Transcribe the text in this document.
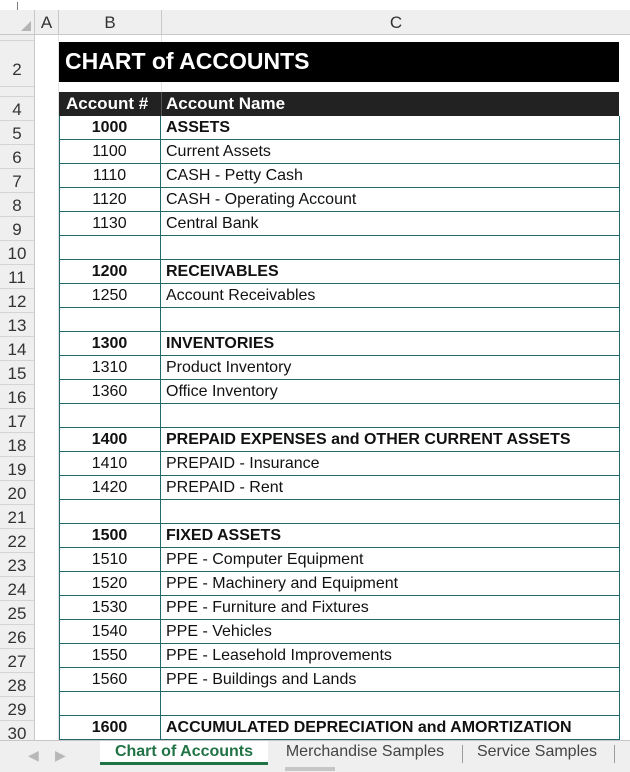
A	B	C
2
4
5
6
7
8
9
10
11
12
13
14
15
16
17
18
19
20
21
22
23
24
25
26
27
28
29
30
CHART of ACCOUNTS
Account # Account Name
1000	ASSETS
1100	Current Assets
1110	CASH - Petty Cash
1120	CASH - Operating Account
1130	Central Bank
1200	RECEIVABLES
1250	Account Receivables
1300	INVENTORIES
1310	Product Inventory
1360	Office Inventory
1400	PREPAID EXPENSES and OTHER CURRENT ASSETS
1410	PREPAID - Insurance
1420	PREPAID - Rent
1500	FIXED ASSETS
1510	PPE - Computer Equipment
1520	PPE - Machinery and Equipment
1530	PPE - Furniture and Fixtures
1540	PPE - Vehicles
1550	PPE - Leasehold Improvements
1560	PPE - Buildings and Lands
1600	ACCUMULATED DEPRECIATION and AMORTIZATION
◀ ▶	Chart of Accounts	Merchandise Samples	Service Samples
